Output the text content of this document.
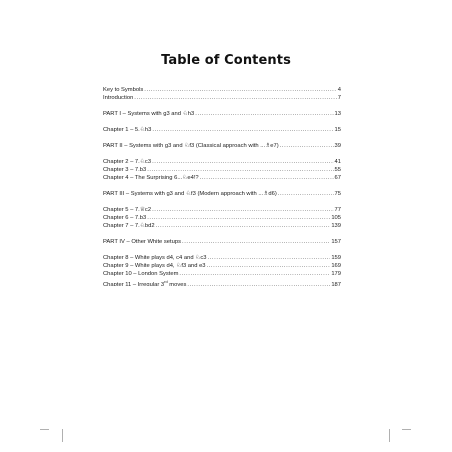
Table of Contents
Key to Symbols .....	4
Introduction .....	7
PART I – Systems with g3 and ♘h3 .....	13
Chapter 1 – 5.♘h3 .....	15
PART II – Systems with g3 and ♘f3 (Classical approach with ...♗e7) .....	39
Chapter 2 – 7.♘c3 .....	41
Chapter 3 – 7.b3 .....	55
Chapter 4 – The Surprising 6...♘e4!? .....	67
PART III – Systems with g3 and ♘f3 (Modern approach with ...♗d6) .....	75
Chapter 5 – 7.♕c2 .....	77
Chapter 6 – 7.b3 .....	105
Chapter 7 – 7.♘bd2 .....	139
PART IV – Other White setups .....	157
Chapter 8 – White plays d4, c4 and ♘c3 .....	159
Chapter 9 – White plays d4, ♘f3 and e3 .....	169
Chapter 10 – London System .....	179
Chapter 11 – Irregular 3rd moves .....	187
